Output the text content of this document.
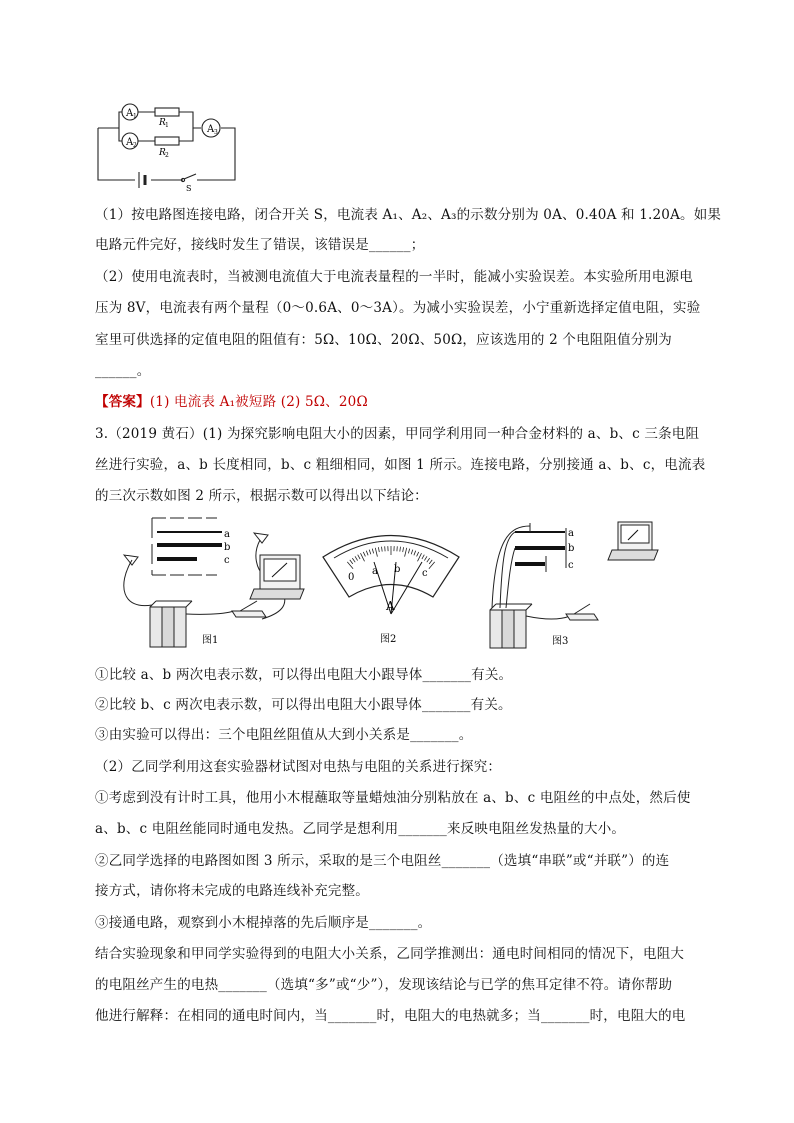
A 1
A 2
A 3
R 1
R 2
S
（1）按电路图连接电路，闭合开关 S，电流表 A₁、A₂、A₃的示数分别为 0A、0.40A 和 1.20A。如果
电路元件完好，接线时发生了错误，该错误是______；
（2）使用电流表时，当被测电流值大于电流表量程的一半时，能减小实验误差。本实验所用电源电
压为 8V，电流表有两个量程（0～0.6A、0～3A）。为减小实验误差，小宁重新选择定值电阻，实验
室里可供选择的定值电阻的阻值有：5Ω、10Ω、20Ω、50Ω，应该选用的 2 个电阻阻值分别为
______。
【答案】(1) 电流表 A₁被短路 (2) 5Ω、20Ω
3.（2019 黄石）(1) 为探究影响电阻大小的因素，甲同学利用同一种合金材料的 a、b、c 三条电阻
丝进行实验，a、b 长度相同，b、c 粗细相同，如图 1 所示。连接电路，分别接通 a、b、c，电流表
的三次示数如图 2 所示，根据示数可以得出以下结论：
a
b
c
图1
0
a b c
A
图2
a
b
c
图3
①比较 a、b 两次电表示数，可以得出电阻大小跟导体_______有关。
②比较 b、c 两次电表示数，可以得出电阻大小跟导体_______有关。
③由实验可以得出：三个电阻丝阻值从大到小关系是_______。
（2）乙同学利用这套实验器材试图对电热与电阻的关系进行探究：
①考虑到没有计时工具，他用小木棍蘸取等量蜡烛油分别粘放在 a、b、c 电阻丝的中点处，然后使
a、b、c 电阻丝能同时通电发热。乙同学是想利用_______来反映电阻丝发热量的大小。
②乙同学选择的电路图如图 3 所示，采取的是三个电阻丝_______（选填“串联”或“并联”）的连
接方式，请你将未完成的电路连线补充完整。
③接通电路，观察到小木棍掉落的先后顺序是_______。
结合实验现象和甲同学实验得到的电阻大小关系，乙同学推测出：通电时间相同的情况下，电阻大
的电阻丝产生的电热_______（选填“多”或“少”），发现该结论与已学的焦耳定律不符。请你帮助
他进行解释：在相同的通电时间内，当_______时，电阻大的电热就多；当_______时，电阻大的电
